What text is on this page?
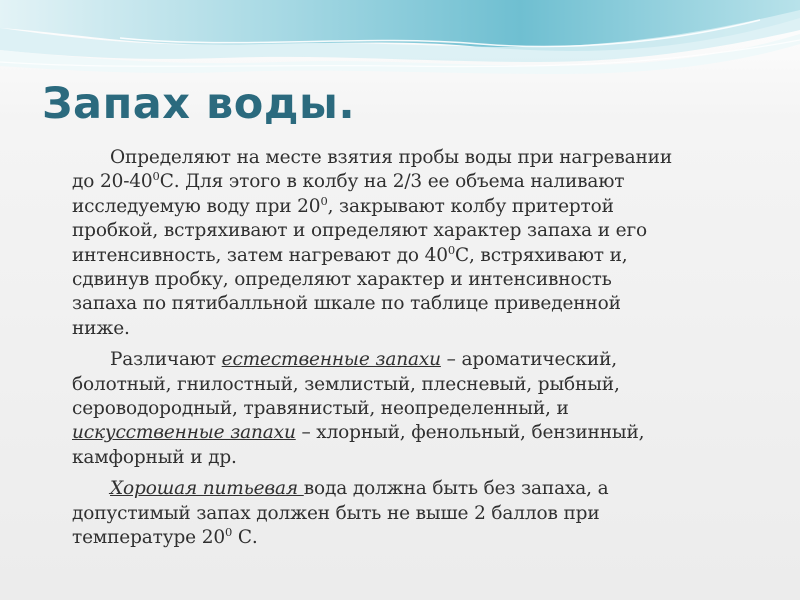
Запах воды.

Определяют на месте взятия пробы воды при нагревании
до $20-40^0С$. Для этого в колбу на 2/3 ее объема наливают
исследуемую воду при $20^0$, закрывают колбу притертой
пробкой, встряхивают и определяют характер запаха и его
интенсивность, затем нагревают до $40^0С$, встряхивают и,
сдвинув пробку, определяют характер и интенсивность
запаха по пятибалльной шкале по таблице приведенной
ниже.

Различают естественные запахи – ароматический,
болотный, гнилостный, землистый, плесневый, рыбный,
сероводородный, травянистый, неопределенный, и
искусственные запахи – хлорный, фенольный, бензинный,
камфорный и др.

Хорошая питьевая вода должна быть без запаха, а
допустимый запах должен быть не выше 2 баллов при
температуре $20^0$ С.
